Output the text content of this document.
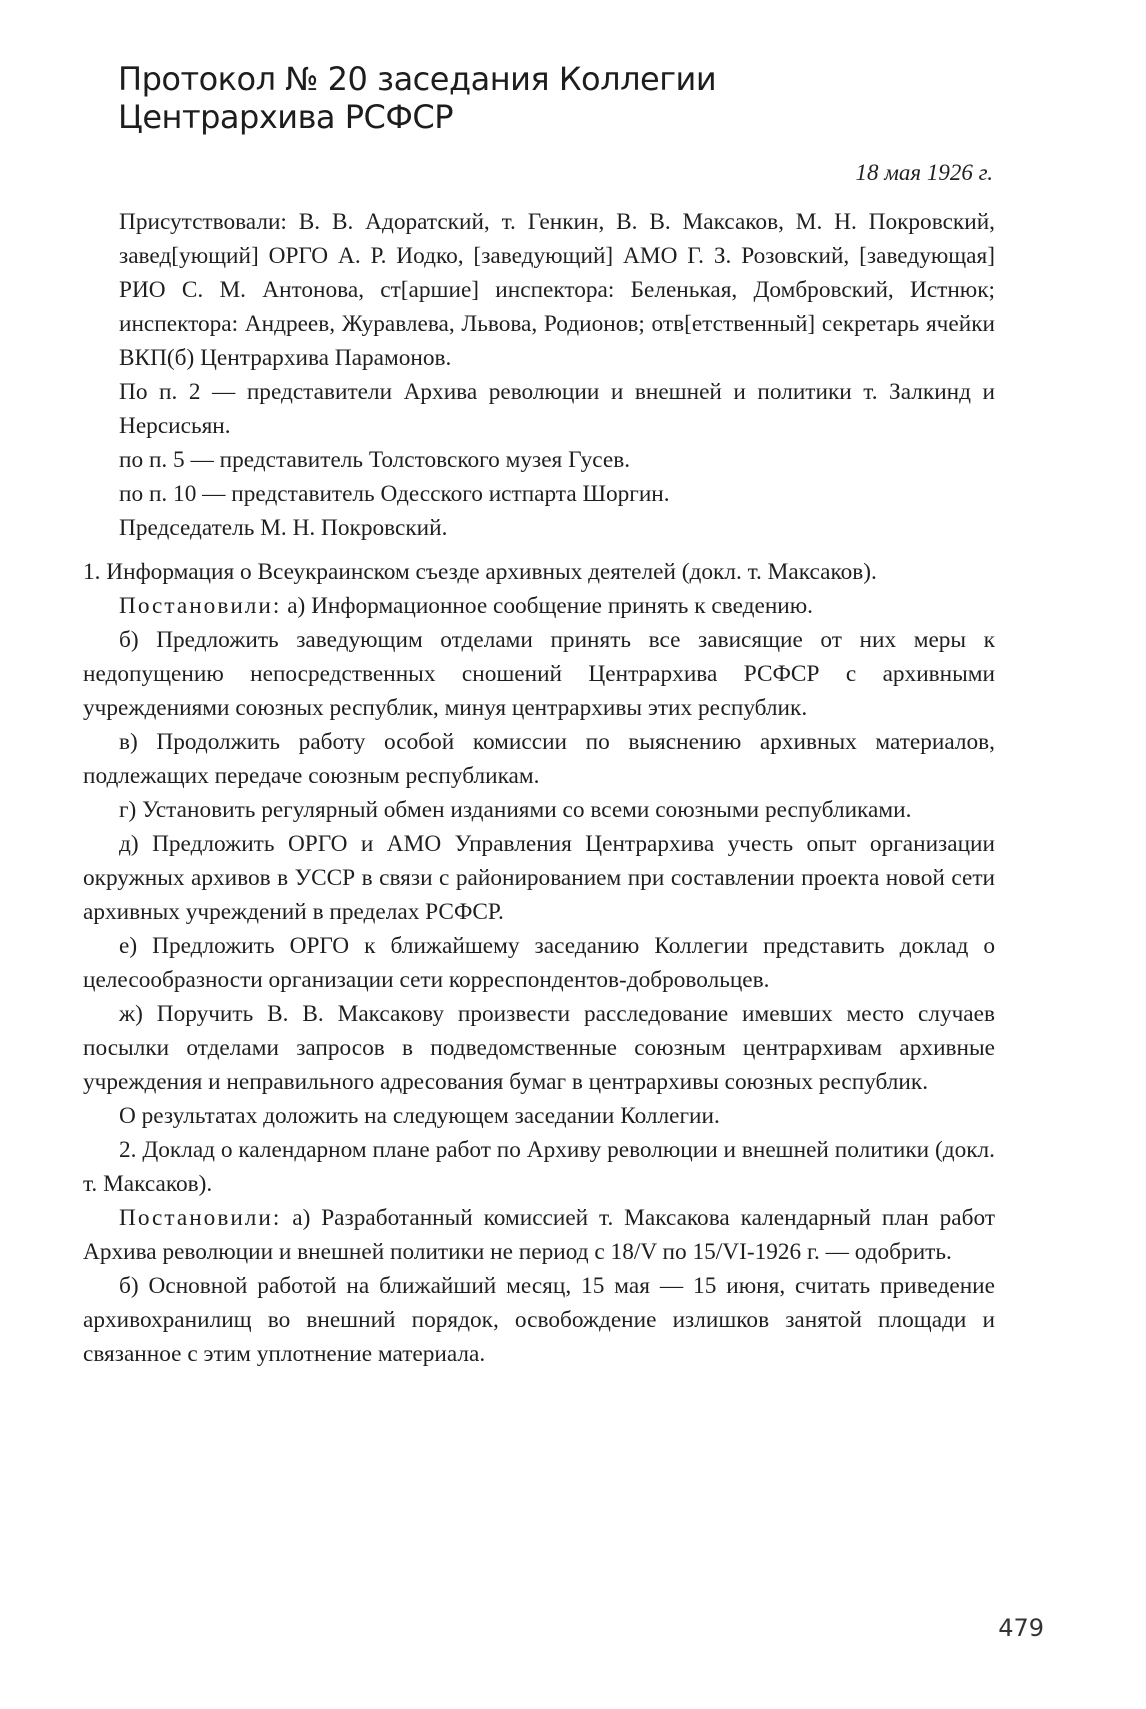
Протокол № 20 заседания Коллегии
Центрархива РСФСР
18 мая 1926 г.

Присутствовали: В. В. Адоратский, т. Генкин, В. В. Максаков, М. Н. Покровский, завед[ующий] ОРГО А. Р. Иодко, [заведующий] АМО Г. З. Розовский, [заведующая] РИО С. М. Антонова, ст[аршие] инспектора: Беленькая, Домбровский, Истнюк; инспектора: Андреев, Журавлева, Львова, Родионов; отв[етственный] секретарь ячейки ВКП(б) Центрархива Парамонов.

По п. 2 — представители Архива революции и внешней и политики т. Залкинд и Нерсисьян.

по п. 5 — представитель Толстовского музея Гусев.

по п. 10 — представитель Одесского истпарта Шоргин.

Председатель М. Н. Покровский.

1. Информация о Всеукраинском съезде архивных деятелей (докл. т. Максаков).

Постановили: а) Информационное сообщение принять к сведению.

б) Предложить заведующим отделами принять все зависящие от них меры к недопущению непосредственных сношений Центрархива РСФСР с архивными учреждениями союзных республик, минуя центрархивы этих республик.

в) Продолжить работу особой комиссии по выяснению архивных материалов, подлежащих передаче союзным республикам.

г) Установить регулярный обмен изданиями со всеми союзными республиками.

д) Предложить ОРГО и АМО Управления Центрархива учесть опыт организации окружных архивов в УССР в связи с районированием при составлении проекта новой сети архивных учреждений в пределах РСФСР.

е) Предложить ОРГО к ближайшему заседанию Коллегии представить доклад о целесообразности организации сети корреспондентов-добровольцев.

ж) Поручить В. В. Максакову произвести расследование имевших место случаев посылки отделами запросов в подведомственные союзным центрархивам архивные учреждения и неправильного адресования бумаг в центрархивы союзных республик.

О результатах доложить на следующем заседании Коллегии.

2. Доклад о календарном плане работ по Архиву революции и внешней политики (докл. т. Максаков).

Постановили: а) Разработанный комиссией т. Максакова календарный план работ Архива революции и внешней политики не период с 18/V по 15/VI-1926 г. — одобрить.

б) Основной работой на ближайший месяц, 15 мая — 15 июня, считать приведение архивохранилищ во внешний порядок, освобождение излишков занятой площади и связанное с этим уплотнение материала.

479
